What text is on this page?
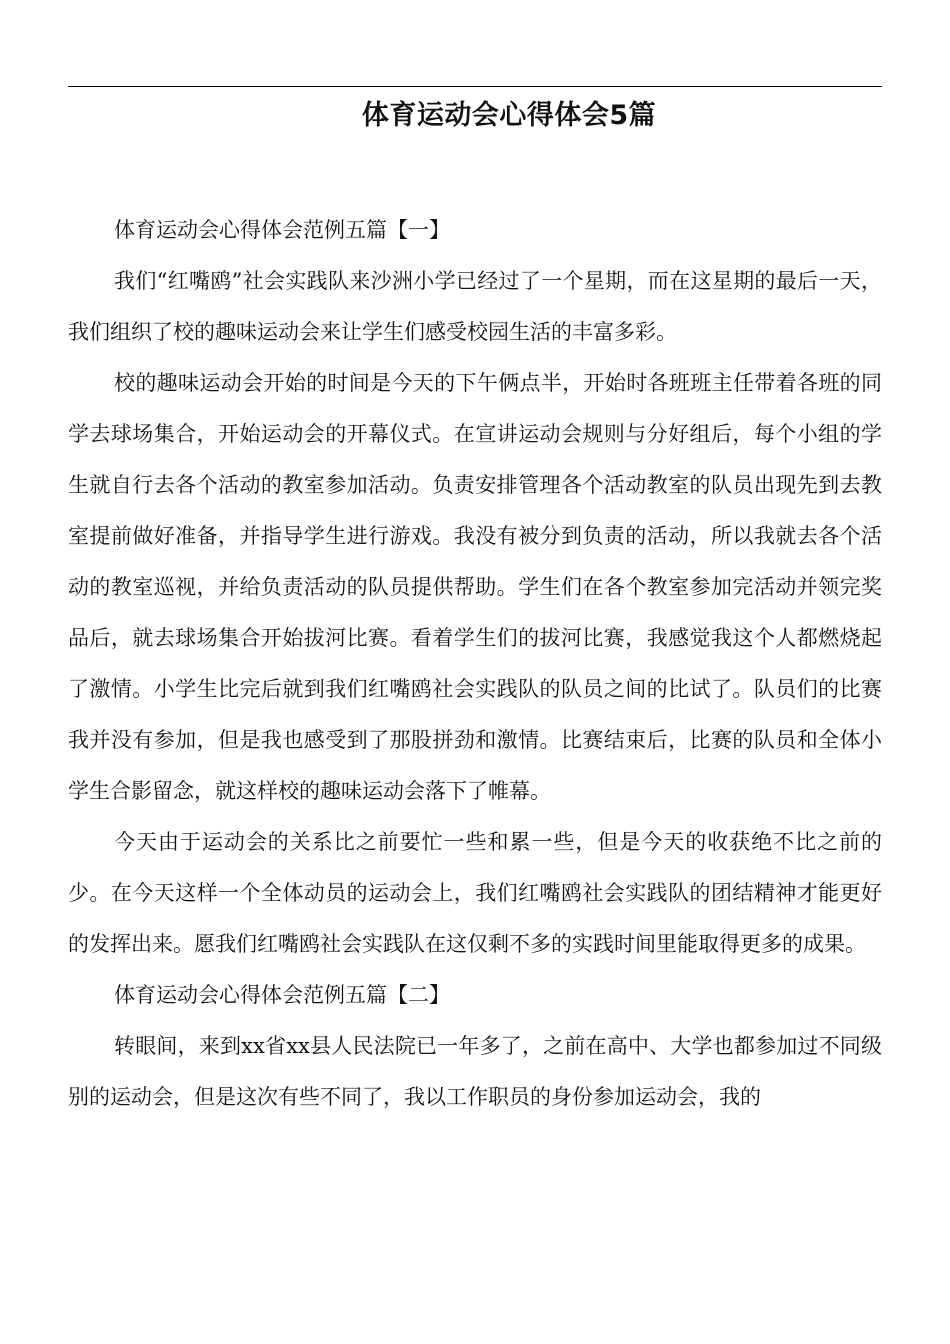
体育运动会心得体会5篇

体育运动会心得体会范例五篇【一】

我们“红嘴鸥”社会实践队来沙洲小学已经过了一个星期，而在这星期的最后一天，我们组织了校的趣味运动会来让学生们感受校园生活的丰富多彩。

校的趣味运动会开始的时间是今天的下午俩点半，开始时各班班主任带着各班的同学去球场集合，开始运动会的开幕仪式。在宣讲运动会规则与分好组后，每个小组的学生就自行去各个活动的教室参加活动。负责安排管理各个活动教室的队员出现先到去教室提前做好准备，并指导学生进行游戏。我没有被分到负责的活动，所以我就去各个活动的教室巡视，并给负责活动的队员提供帮助。学生们在各个教室参加完活动并领完奖品后，就去球场集合开始拔河比赛。看着学生们的拔河比赛，我感觉我这个人都燃烧起了激情。小学生比完后就到我们红嘴鸥社会实践队的队员之间的比试了。队员们的比赛我并没有参加，但是我也感受到了那股拼劲和激情。比赛结束后，比赛的队员和全体小学生合影留念，就这样校的趣味运动会落下了帷幕。

今天由于运动会的关系比之前要忙一些和累一些，但是今天的收获绝不比之前的少。在今天这样一个全体动员的运动会上，我们红嘴鸥社会实践队的团结精神才能更好的发挥出来。愿我们红嘴鸥社会实践队在这仅剩不多的实践时间里能取得更多的成果。

体育运动会心得体会范例五篇【二】

转眼间，来到xx省xx县人民法院已一年多了，之前在高中、大学也都参加过不同级别的运动会，但是这次有些不同了，我以工作职员的身份参加运动会，我的
